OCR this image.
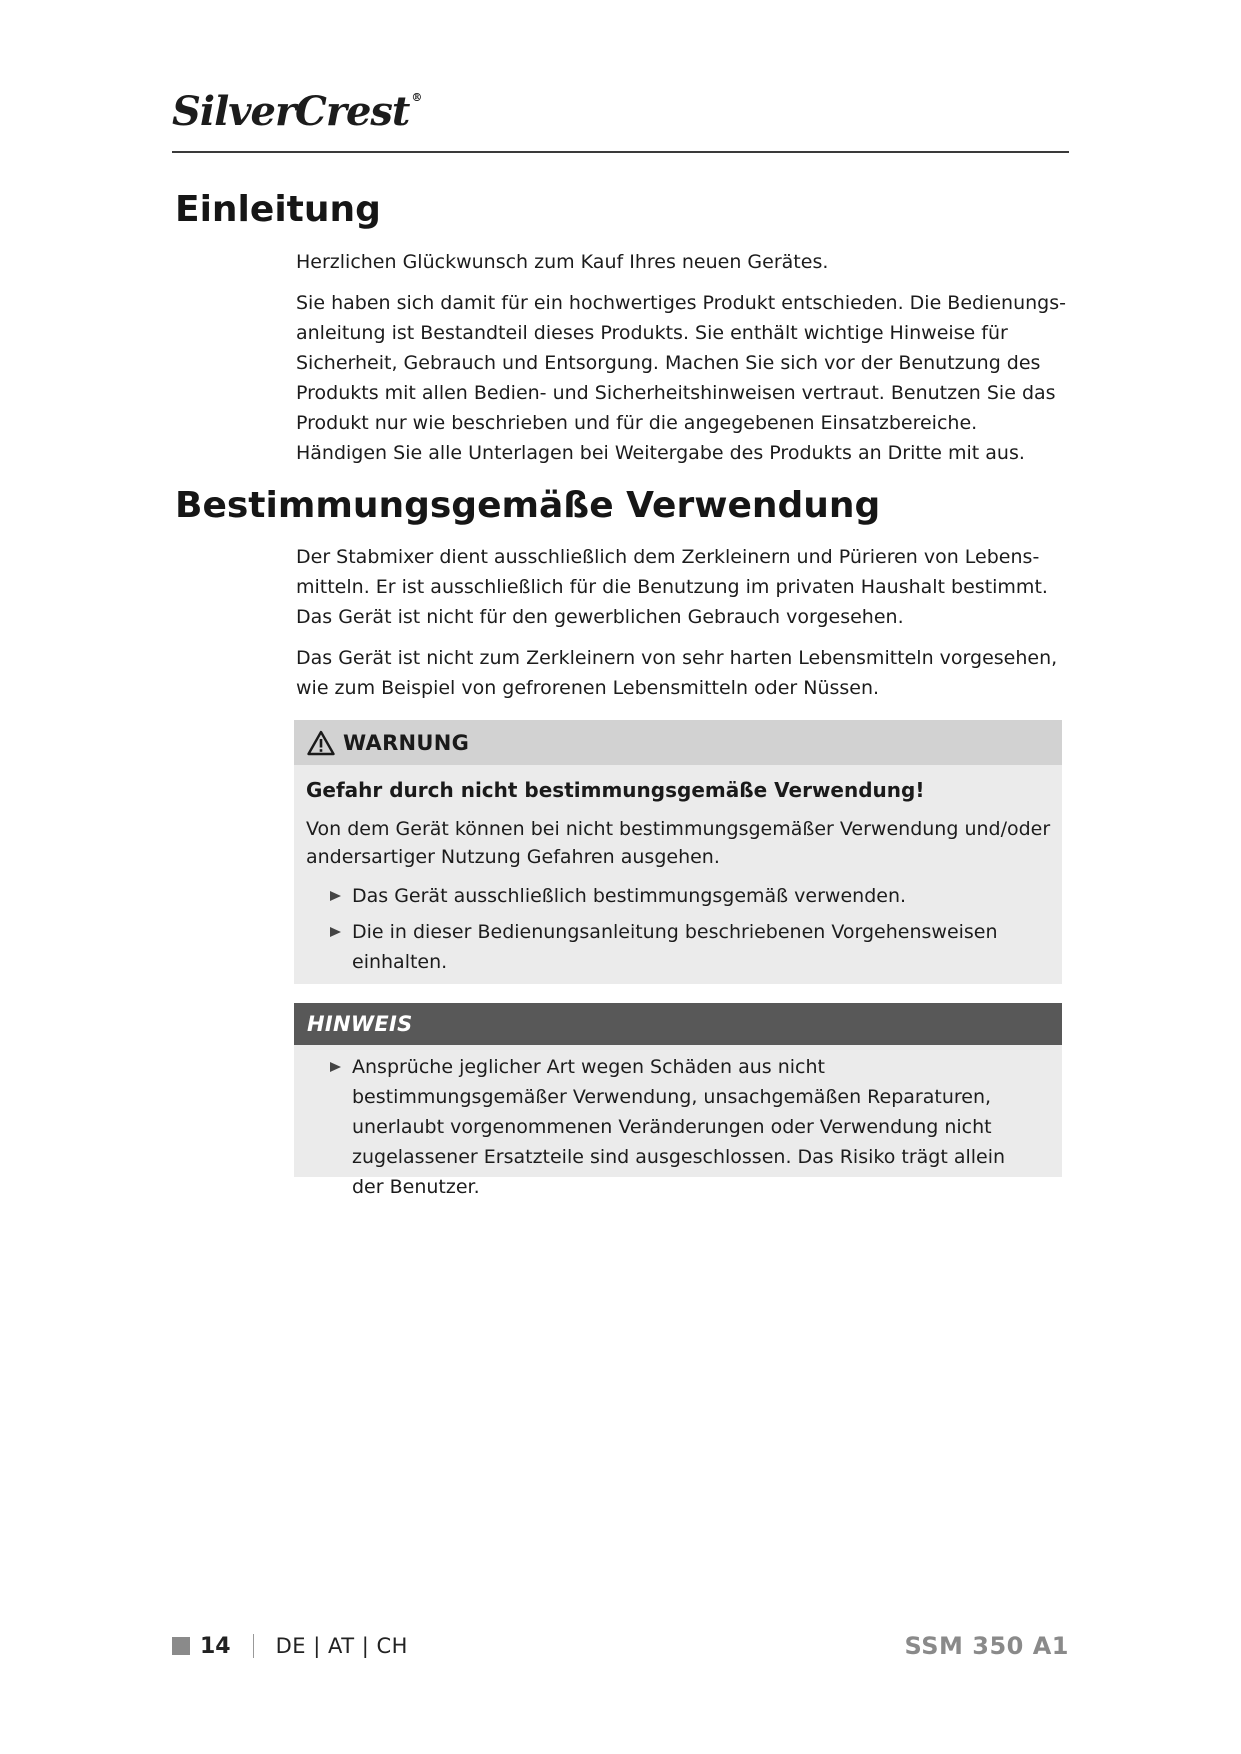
SilverCrest ®
Einleitung

Herzlichen Glückwunsch zum Kauf Ihres neuen Gerätes.

Sie haben sich damit für ein hochwertiges Produkt entschieden. Die Bedienungsanleitung ist Bestandteil dieses Produkts. Sie enthält wichtige Hinweise für Sicherheit, Gebrauch und Entsorgung. Machen Sie sich vor der Benutzung des Produkts mit allen Bedien- und Sicherheitshinweisen vertraut. Benutzen Sie das Produkt nur wie beschrieben und für die angegebenen Einsatzbereiche. Händigen Sie alle Unterlagen bei Weitergabe des Produkts an Dritte mit aus.

Bestimmungsgemäße Verwendung

Der Stabmixer dient ausschließlich dem Zerkleinern und Pürieren von Lebensmitteln. Er ist ausschließlich für die Benutzung im privaten Haushalt bestimmt. Das Gerät ist nicht für den gewerblichen Gebrauch vorgesehen.

Das Gerät ist nicht zum Zerkleinern von sehr harten Lebensmitteln vorgesehen, wie zum Beispiel von gefrorenen Lebensmitteln oder Nüssen.

WARNUNG

Gefahr durch nicht bestimmungsgemäße Verwendung!

Von dem Gerät können bei nicht bestimmungsgemäßer Verwendung und/oder andersartiger Nutzung Gefahren ausgehen.

Das Gerät ausschließlich bestimmungsgemäß verwenden.

Die in dieser Bedienungsanleitung beschriebenen Vorgehensweisen einhalten.

HINWEIS

Ansprüche jeglicher Art wegen Schäden aus nicht bestimmungsgemäßer Verwendung, unsachgemäßen Reparaturen, unerlaubt vorgenommenen Veränderungen oder Verwendung nicht zugelassener Ersatzteile sind ausgeschlossen. Das Risiko trägt allein der Benutzer.

14 DE | AT | CH	SSM 350 A1
